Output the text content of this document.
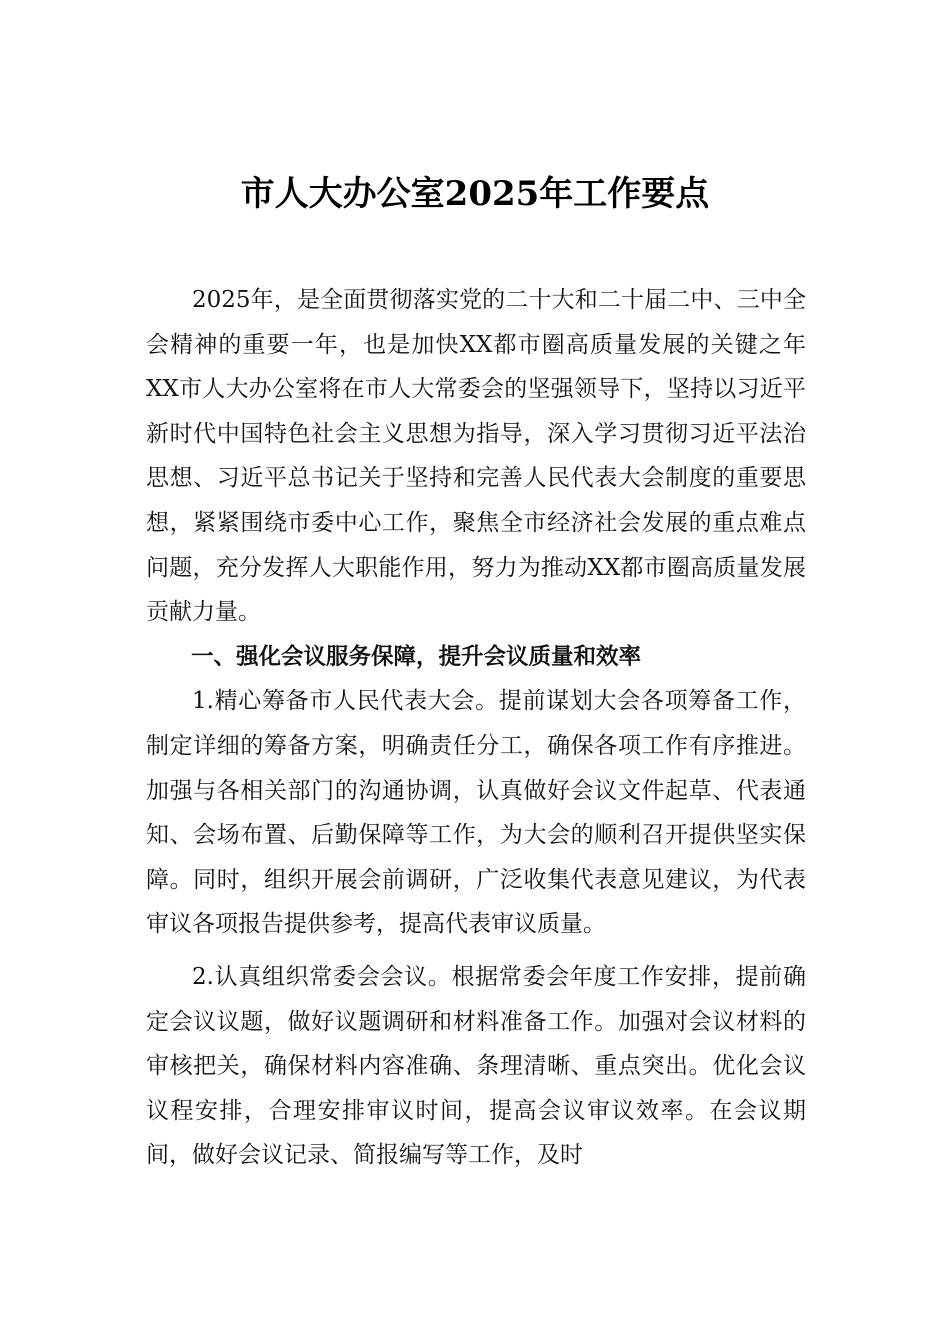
市人大办公室2025年工作要点

2025年，是全面贯彻落实党的二十大和二十届二中、三中全会精神的重要一年，也是加快XX都市圈高质量发展的关键之年XX市人大办公室将在市人大常委会的坚强领导下，坚持以习近平新时代中国特色社会主义思想为指导，深入学习贯彻习近平法治思想、习近平总书记关于坚持和完善人民代表大会制度的重要思想，紧紧围绕市委中心工作，聚焦全市经济社会发展的重点难点问题，充分发挥人大职能作用，努力为推动XX都市圈高质量发展贡献力量。

一、强化会议服务保障，提升会议质量和效率

1.精心筹备市人民代表大会。提前谋划大会各项筹备工作，制定详细的筹备方案，明确责任分工，确保各项工作有序推进。加强与各相关部门的沟通协调，认真做好会议文件起草、代表通知、会场布置、后勤保障等工作，为大会的顺利召开提供坚实保障。同时，组织开展会前调研，广泛收集代表意见建议，为代表审议各项报告提供参考，提高代表审议质量。

2.认真组织常委会会议。根据常委会年度工作安排，提前确定会议议题，做好议题调研和材料准备工作。加强对会议材料的审核把关，确保材料内容准确、条理清晰、重点突出。优化会议议程安排，合理安排审议时间，提高会议审议效率。在会议期间，做好会议记录、简报编写等工作，及时
